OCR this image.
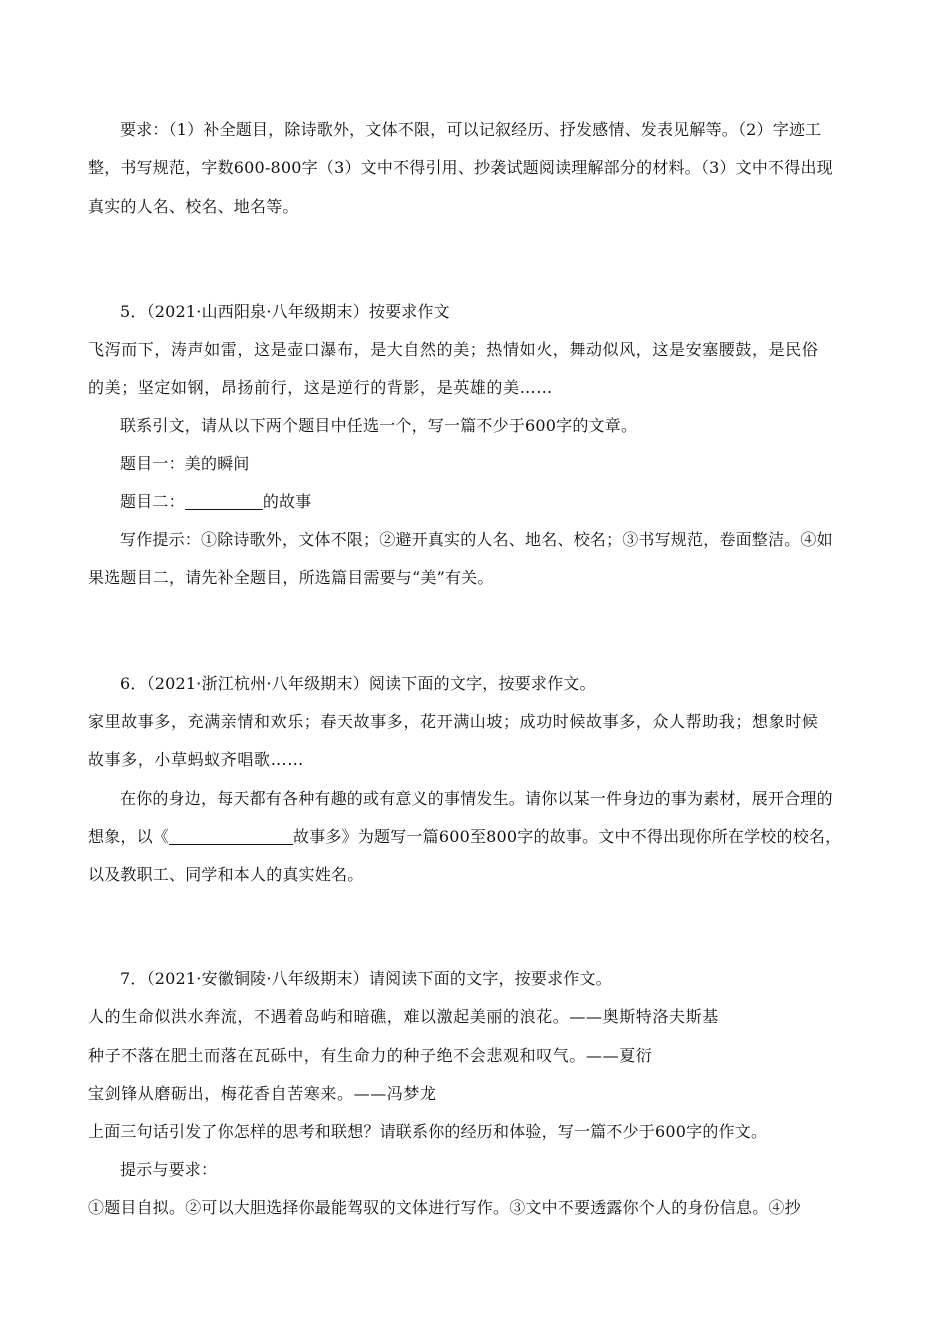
要求：（1）补全题目，除诗歌外，文体不限，可以记叙经历、抒发感情、发表见解等。（2）字迹工
整，书写规范，字数600-800字（3）文中不得引用、抄袭试题阅读理解部分的材料。（3）文中不得出现
真实的人名、校名、地名等。
5．（2021·山西阳泉·八年级期末）按要求作文
飞泻而下，涛声如雷，这是壶口瀑布，是大自然的美；热情如火，舞动似风，这是安塞腰鼓，是民俗
的美；坚定如钢，昂扬前行，这是逆行的背影，是英雄的美……
联系引文，请从以下两个题目中任选一个，写一篇不少于600字的文章。
题目一：美的瞬间
题目二：	的故事
写作提示：①除诗歌外，文体不限；②避开真实的人名、地名、校名；③书写规范，卷面整洁。④如
果选题目二，请先补全题目，所选篇目需要与“美”有关。
6．（2021·浙江杭州·八年级期末）阅读下面的文字，按要求作文。
家里故事多，充满亲情和欢乐；春天故事多，花开满山坡；成功时候故事多，众人帮助我；想象时候
故事多，小草蚂蚁齐唱歌……
在你的身边，每天都有各种有趣的或有意义的事情发生。请你以某一件身边的事为素材，展开合理的
想象，以《	故事多》为题写一篇600至800字的故事。文中不得出现你所在学校的校名，
以及教职工、同学和本人的真实姓名。
7．（2021·安徽铜陵·八年级期末）请阅读下面的文字，按要求作文。
人的生命似洪水奔流，不遇着岛屿和暗礁，难以激起美丽的浪花。——奥斯特洛夫斯基
种子不落在肥土而落在瓦砾中，有生命力的种子绝不会悲观和叹气。——夏衍
宝剑锋从磨砺出，梅花香自苦寒来。——冯梦龙
上面三句话引发了你怎样的思考和联想？请联系你的经历和体验，写一篇不少于600字的作文。
提示与要求：
①题目自拟。②可以大胆选择你最能驾驭的文体进行写作。③文中不要透露你个人的身份信息。④抄
